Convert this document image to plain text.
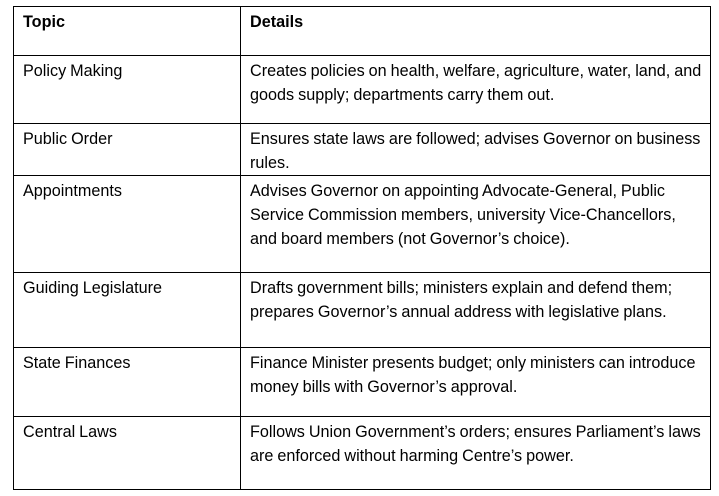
Topic	Details
Policy Making	Creates policies on health, welfare, agriculture, water, land, and goods supply; departments carry them out.
Public Order	Ensures state laws are followed; advises Governor on business rules.
Appointments	Advises Governor on appointing Advocate-General, Public Service Commission members, university Vice-Chancellors, and board members (not Governor’s choice).
Guiding Legislature	Drafts government bills; ministers explain and defend them; prepares Governor’s annual address with legislative plans.
State Finances	Finance Minister presents budget; only ministers can introduce money bills with Governor’s approval.
Central Laws	Follows Union Government’s orders; ensures Parliament’s laws are enforced without harming Centre’s power.
